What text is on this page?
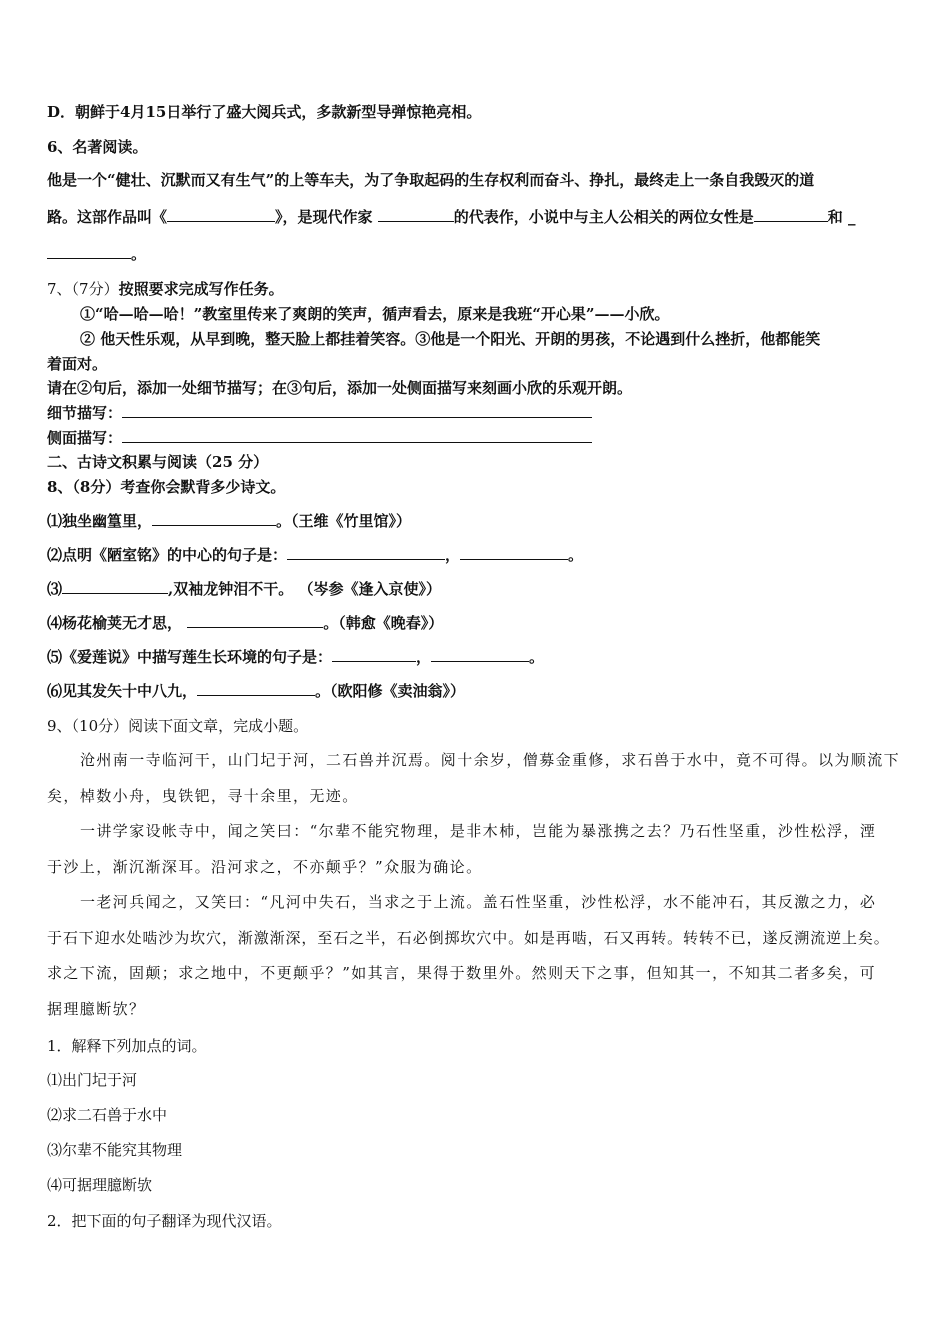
D．朝鲜于4月15日举行了盛大阅兵式，多款新型导弹惊艳亮相。
6、名著阅读。
他是一个“健壮、沉默而又有生气”的上等车夫，为了争取起码的生存权利而奋斗、挣扎，最终走上一条自我毁灭的道
路。这部作品叫《	》，是现代作家	的代表作，小说中与主人公相关的两位女性是	和 _
。
7、（7分）按照要求完成写作任务。
①“哈—哈—哈！”教室里传来了爽朗的笑声，循声看去，原来是我班“开心果”——小欣。
② 他天性乐观，从早到晚，整天脸上都挂着笑容。③他是一个阳光、开朗的男孩，不论遇到什么挫折，他都能笑
着面对。
请在②句后，添加一处细节描写；在③句后，添加一处侧面描写来刻画小欣的乐观开朗。
细节描写：
侧面描写：
二、古诗文积累与阅读（25 分）
8、（8分）考查你会默背多少诗文。
⑴独坐幽篁里，	。（王维《竹里馆》）
⑵点明《陋室铭》的中心的句子是：	，	。
⑶	,双袖龙钟泪不干。 （岑参《逢入京使》）
⑷杨花榆荚无才思，	。（韩愈《晚春》）
⑸《爱莲说》中描写莲生长环境的句子是：	，	。
⑹见其发矢十中八九，	。（欧阳修《卖油翁》）
9、（10分）阅读下面文章，完成小题。
沧州南一寺临河干，山门圮于河，二石兽并沉焉。阅十余岁，僧募金重修，求石兽于水中，竟不可得。以为顺流下
矣，棹数小舟，曳铁钯，寻十余里，无迹。
一讲学家设帐寺中，闻之笑曰：“尔辈不能究物理，是非木杮，岂能为暴涨携之去？乃石性坚重，沙性松浮，湮
于沙上，渐沉渐深耳。沿河求之，不亦颠乎？”众服为确论。
一老河兵闻之，又笑曰：“凡河中失石，当求之于上流。盖石性坚重，沙性松浮，水不能冲石，其反激之力，必
于石下迎水处啮沙为坎穴，渐激渐深，至石之半，石必倒掷坎穴中。如是再啮，石又再转。转转不已，遂反溯流逆上矣。
求之下流，固颠；求之地中，不更颠乎？”如其言，果得于数里外。然则天下之事，但知其一，不知其二者多矣，可
据理臆断欤？
1．解释下列加点的词。
⑴出门圮于河
⑵求二石兽于水中
⑶尔辈不能究其物理
⑷可据理臆断欤
2．把下面的句子翻译为现代汉语。
